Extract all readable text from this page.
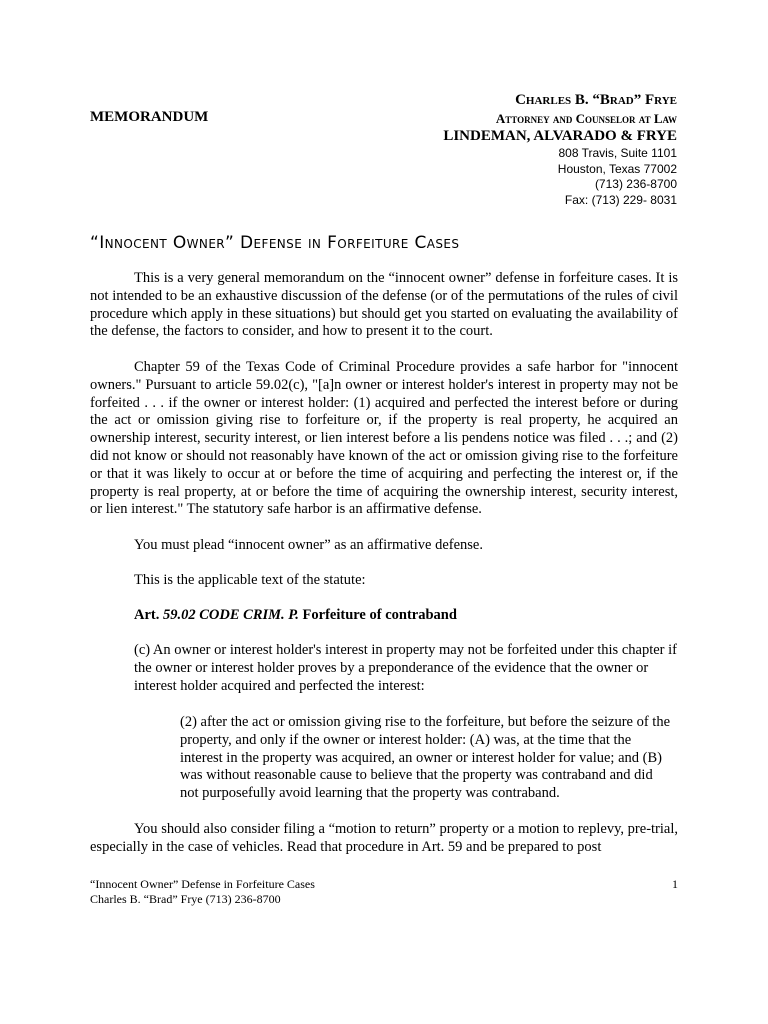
MEMORANDUM
Charles B. “Brad” Frye
Attorney and Counselor at Law
LINDEMAN, ALVARADO & FRYE
808 Travis, Suite 1101
Houston, Texas 77002
(713) 236-8700
Fax: (713) 229- 8031
“Innocent Owner” Defense in Forfeiture Cases

This is a very general memorandum on the “innocent owner” defense in forfeiture cases. It is not intended to be an exhaustive discussion of the defense (or of the permutations of the rules of civil procedure which apply in these situations) but should get you started on evaluating the availability of the defense, the factors to consider, and how to present it to the court.

Chapter 59 of the Texas Code of Criminal Procedure provides a safe harbor for "innocent owners." Pursuant to article 59.02(c), "[a]n owner or interest holder's interest in property may not be forfeited . . . if the owner or interest holder: (1) acquired and perfected the interest before or during the act or omission giving rise to forfeiture or, if the property is real property, he acquired an ownership interest, security interest, or lien interest before a lis pendens notice was filed . . .; and (2) did not know or should not reasonably have known of the act or omission giving rise to the forfeiture or that it was likely to occur at or before the time of acquiring and perfecting the interest or, if the property is real property, at or before the time of acquiring the ownership interest, security interest, or lien interest." The statutory safe harbor is an affirmative defense.

You must plead “innocent owner” as an affirmative defense.

This is the applicable text of the statute:

Art. 59.02 CODE CRIM. P. Forfeiture of contraband

(c) An owner or interest holder's interest in property may not be forfeited under this chapter if the owner or interest holder proves by a preponderance of the evidence that the owner or interest holder acquired and perfected the interest:

(2) after the act or omission giving rise to the forfeiture, but before the seizure of the property, and only if the owner or interest holder: (A) was, at the time that the interest in the property was acquired, an owner or interest holder for value; and (B) was without reasonable cause to believe that the property was contraband and did not purposefully avoid learning that the property was contraband.

You should also consider filing a “motion to return” property or a motion to replevy, pre-trial, especially in the case of vehicles. Read that procedure in Art. 59 and be prepared to post

“Innocent Owner” Defense in Forfeiture Cases
Charles B. “Brad” Frye (713) 236-8700
1
